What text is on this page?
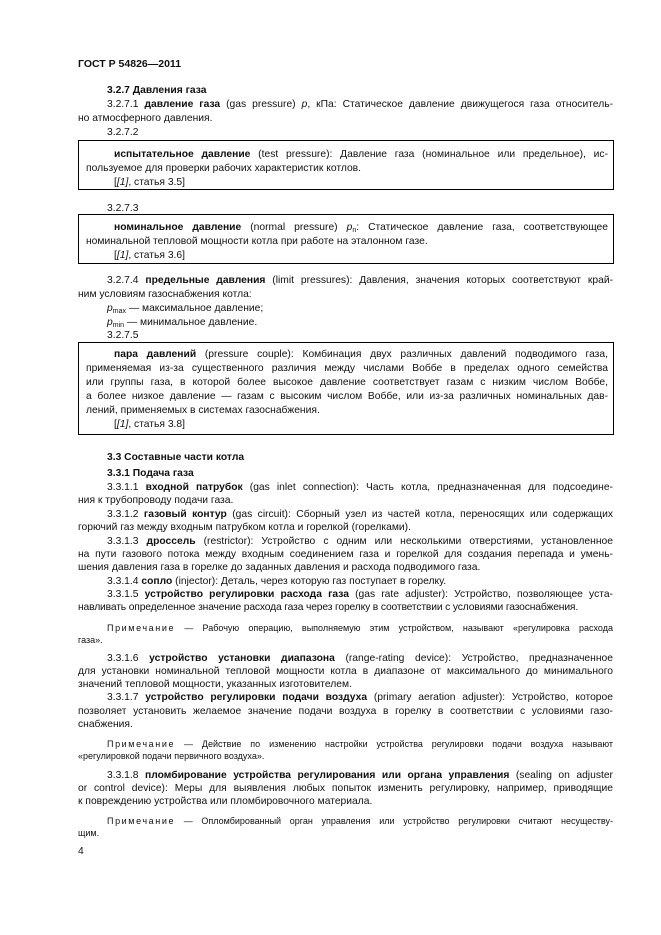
ГОСТ Р 54826—2011
3.2.7 Давления газа
3.2.7.1 давление газа (gas pressure) p, кПа: Статическое давление движущегося газа относитель-
но атмосферного давления.
3.2.7.2
испытательное давление (test pressure): Давление газа (номинальное или предельное), ис-
пользуемое для проверки рабочих характеристик котлов.
[[1], статья 3.5]
3.2.7.3
номинальное давление (normal pressure) $p_n$: Статическое давление газа, соответствующее
номинальной тепловой мощности котла при работе на эталонном газе.
[[1], статья 3.6]
3.2.7.4 предельные давления (limit pressures): Давления, значения которых соответствуют край-
ним условиям газоснабжения котла:
$p_{max}$ — максимальное давление;
$p_{min}$ — минимальное давление.
3.2.7.5
пара давлений (pressure couple): Комбинация двух различных давлений подводимого газа,
применяемая из-за существенного различия между числами Воббе в пределах одного семейства
или группы газа, в которой более высокое давление соответствует газам с низким числом Воббе,
а более низкое давление — газам с высоким числом Воббе, или из-за различных номинальных дав-
лений, применяемых в системах газоснабжения.
[[1], статья 3.8]
3.3 Составные части котла
3.3.1 Подача газа
3.3.1.1 входной патрубок (gas inlet connection): Часть котла, предназначенная для подсоедине-
ния к трубопроводу подачи газа.
3.3.1.2 газовый контур (gas circuit): Сборный узел из частей котла, переносящих или содержащих
горючий газ между входным патрубком котла и горелкой (горелками).
3.3.1.3 дроссель (restrictor): Устройство с одним или несколькими отверстиями, установленное
на пути газового потока между входным соединением газа и горелкой для создания перепада и умень-
шения давления газа в горелке до заданных давления и расхода подводимого газа.
3.3.1.4 сопло (injector): Деталь, через которую газ поступает в горелку.
3.3.1.5 устройство регулировки расхода газа (gas rate adjuster): Устройство, позволяющее уста-
навливать определенное значение расхода газа через горелку в соответствии с условиями газоснабжения.
Примечание — Рабочую операцию, выполняемую этим устройством, называют «регулировка расхода
газа».
3.3.1.6 устройство установки диапазона (range-rating device): Устройство, предназначенное
для установки номинальной тепловой мощности котла в диапазоне от максимального до минимального
значений тепловой мощности, указанных изготовителем.
3.3.1.7 устройство регулировки подачи воздуха (primary aeration adjuster): Устройство, которое
позволяет установить желаемое значение подачи воздуха в горелку в соответствии с условиями газо-
снабжения.
Примечание — Действие по изменению настройки устройства регулировки подачи воздуха называют
«регулировкой подачи первичного воздуха».
3.3.1.8 пломбирование устройства регулирования или органа управления (sealing on adjuster
or control device): Меры для выявления любых попыток изменить регулировку, например, приводящие
к повреждению устройства или пломбировочного материала.
Примечание — Опломбированный орган управления или устройство регулировки считают несуществу-
щим.
4
